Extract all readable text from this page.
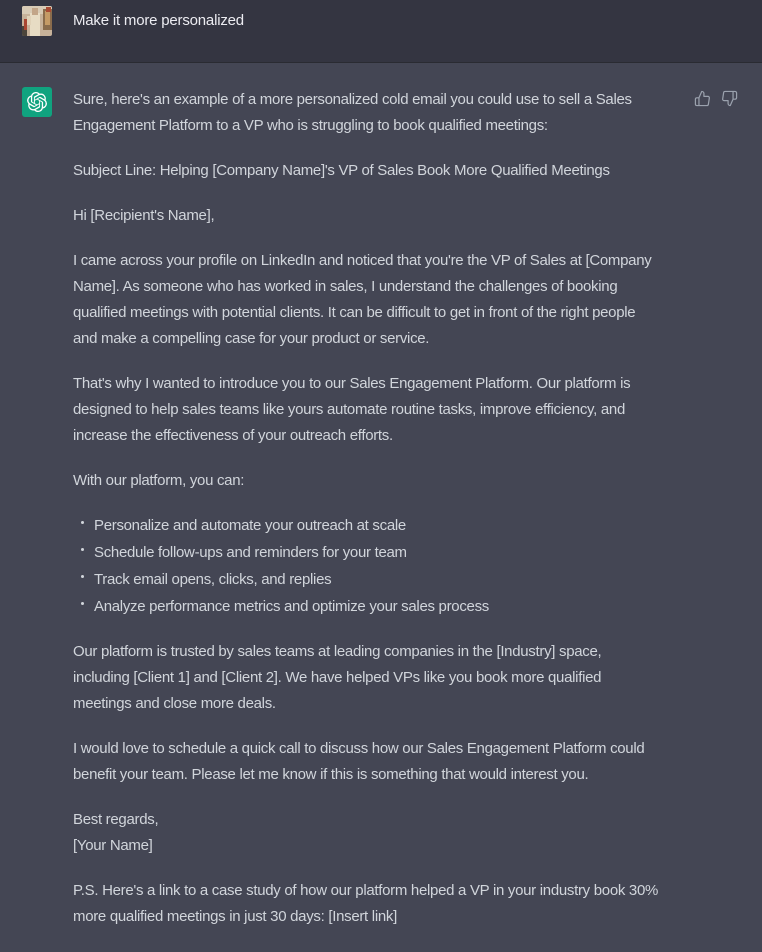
Make it more personalized
Sure, here's an example of a more personalized cold email you could use to sell a Sales
Engagement Platform to a VP who is struggling to book qualified meetings:
Subject Line: Helping [Company Name]'s VP of Sales Book More Qualified Meetings
Hi [Recipient's Name],
I came across your profile on LinkedIn and noticed that you're the VP of Sales at [Company
Name]. As someone who has worked in sales, I understand the challenges of booking
qualified meetings with potential clients. It can be difficult to get in front of the right people
and make a compelling case for your product or service.
That's why I wanted to introduce you to our Sales Engagement Platform. Our platform is
designed to help sales teams like yours automate routine tasks, improve efficiency, and
increase the effectiveness of your outreach efforts.
With our platform, you can:
Personalize and automate your outreach at scale
Schedule follow-ups and reminders for your team
Track email opens, clicks, and replies
Analyze performance metrics and optimize your sales process
Our platform is trusted by sales teams at leading companies in the [Industry] space,
including [Client 1] and [Client 2]. We have helped VPs like you book more qualified
meetings and close more deals.
I would love to schedule a quick call to discuss how our Sales Engagement Platform could
benefit your team. Please let me know if this is something that would interest you.
Best regards,
[Your Name]
P.S. Here's a link to a case study of how our platform helped a VP in your industry book 30%
more qualified meetings in just 30 days: [Insert link]
